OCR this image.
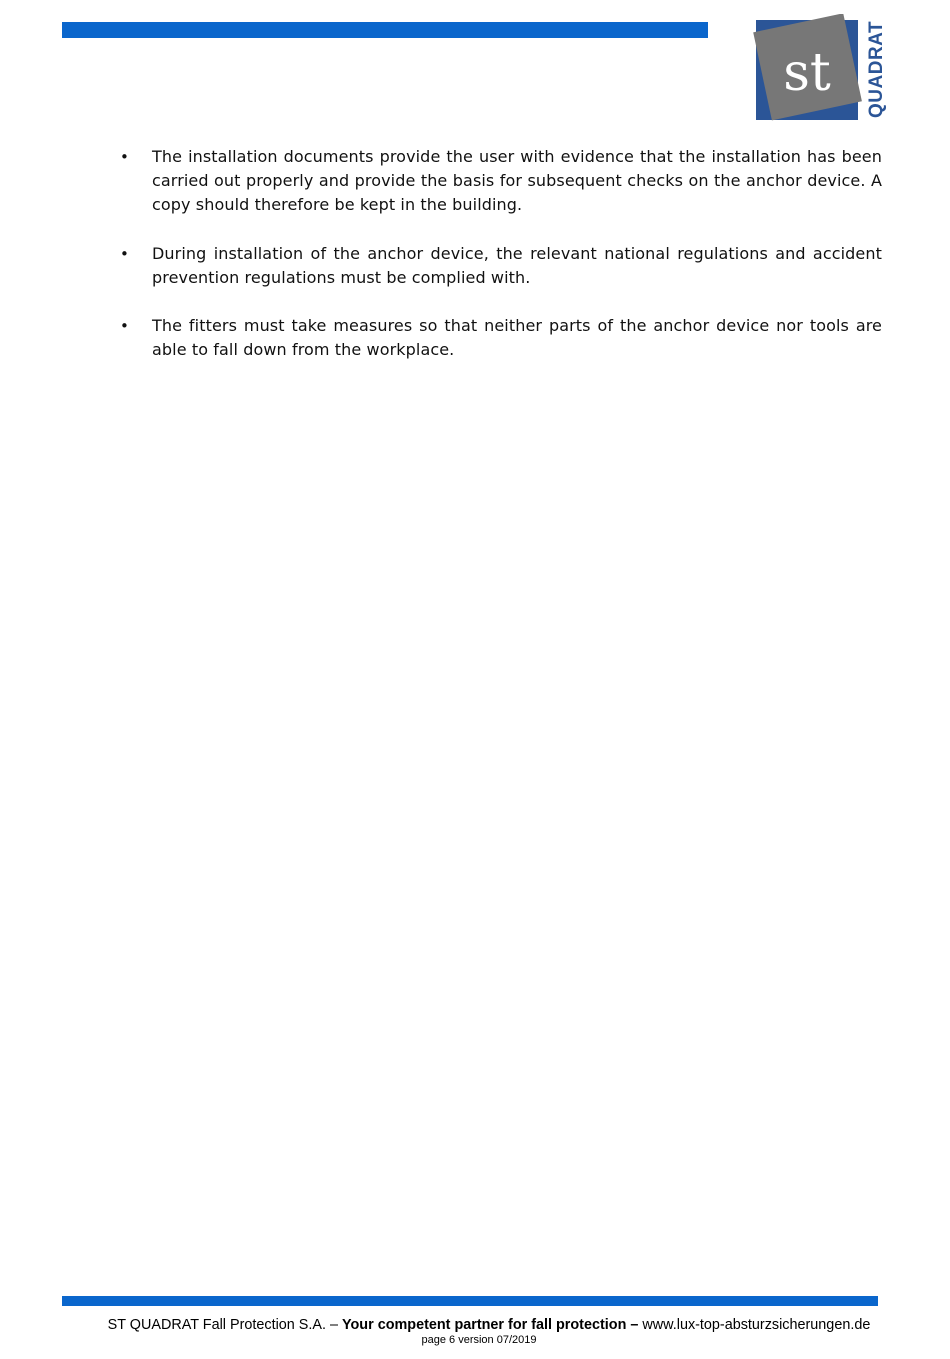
st QUADRAT
• The installation documents provide the user with evidence that the installation has been carried out properly and provide the basis for subsequent checks on the anchor device. A copy should therefore be kept in the building.
• During installation of the anchor device, the relevant national regulations and accident prevention regulations must be complied with.
• The fitters must take measures so that neither parts of the anchor device nor tools are able to fall down from the workplace.
ST QUADRAT Fall Protection S.A. – Your competent partner for fall protection – www.lux-top-absturzsicherungen.de
page 6 version 07/2019
